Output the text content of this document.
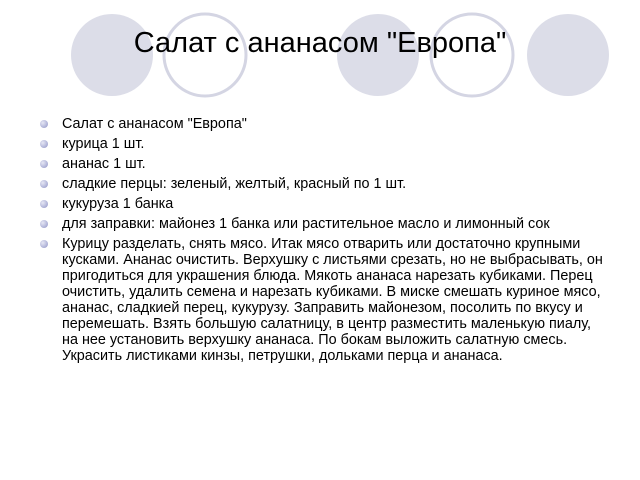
Салат с ананасом "Европа"
Салат с ананасом "Европа"
курица 1 шт.
ананас 1 шт.
сладкие перцы: зеленый, желтый, красный по 1 шт.
кукуруза 1 банка
для заправки: майонез 1 банка или растительное масло и лимонный сок
Курицу разделать, снять мясо. Итак мясо отварить или достаточно крупными кусками. Ананас очистить. Верхушку с листьями срезать, но не выбрасывать, он пригодиться для украшения блюда. Мякоть ананаса нарезать кубиками. Перец очистить, удалить семена и нарезать кубиками. В миске смешать куриное мясо, ананас, сладкией перец, кукурузу. Заправить майонезом, посолить по вкусу и перемешать. Взять большую салатницу, в центр разместить маленькую пиалу, на нее установить верхушку ананаса. По бокам выложить салатную смесь. Украсить листиками кинзы, петрушки, дольками перца и ананаса.
